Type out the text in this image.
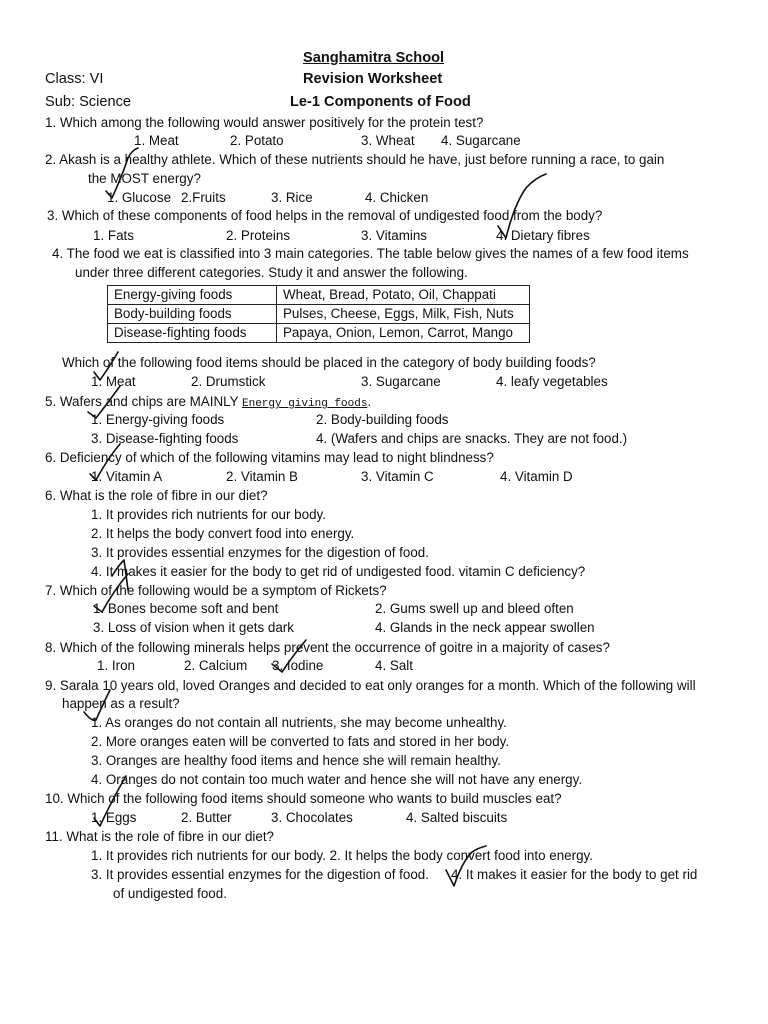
Sanghamitra School
Class: VI	Revision Worksheet
Sub: Science	Le-1 Components of Food
1. Which among the following would answer positively for the protein test?
1. Meat	2. Potato	3. Wheat 4. Sugarcane
2. Akash is a healthy athlete. Which of these nutrients should he have, just before running a race, to gain
the MOST energy?
1. Glucose 2.Fruits	3. Rice	4. Chicken
3. Which of these components of food helps in the removal of undigested food from the body?
1. Fats	2. Proteins	3. Vitamins	4. Dietary fibres
4. The food we eat is classified into 3 main categories. The table below gives the names of a few food items
under three different categories. Study it and answer the following.
Energy-giving foods	Wheat, Bread, Potato, Oil, Chappati
Body-building foods	Pulses, Cheese, Eggs, Milk, Fish, Nuts
Disease-fighting foods	Papaya, Onion, Lemon, Carrot, Mango
Which of the following food items should be placed in the category of body building foods?
1. Meat	2. Drumstick	3. Sugarcane	4. leafy vegetables
5. Wafers and chips are MAINLY Energy giving foods.
1. Energy-giving foods	2. Body-building foods
3. Disease-fighting foods	4. (Wafers and chips are snacks. They are not food.)
6. Deficiency of which of the following vitamins may lead to night blindness?
1. Vitamin A	2. Vitamin B	3. Vitamin C	4. Vitamin D
6. What is the role of fibre in our diet?
1. It provides rich nutrients for our body.
2. It helps the body convert food into energy.
3. It provides essential enzymes for the digestion of food.
4. It makes it easier for the body to get rid of undigested food. vitamin C deficiency?
7. Which of the following would be a symptom of Rickets?
1. Bones become soft and bent	2. Gums swell up and bleed often
3. Loss of vision when it gets dark	4. Glands in the neck appear swollen
8. Which of the following minerals helps prevent the occurrence of goitre in a majority of cases?
1. Iron	2. Calcium 3. Iodine	4. Salt
9. Sarala 10 years old, loved Oranges and decided to eat only oranges for a month. Which of the following will
happen as a result?
1. As oranges do not contain all nutrients, she may become unhealthy.
2. More oranges eaten will be converted to fats and stored in her body.
3. Oranges are healthy food items and hence she will remain healthy.
4. Oranges do not contain too much water and hence she will not have any energy.
10. Which of the following food items should someone who wants to build muscles eat?
1. Eggs	2. Butter	3. Chocolates	4. Salted biscuits
11. What is the role of fibre in our diet?
1. It provides rich nutrients for our body. 2. It helps the body convert food into energy.
3. It provides essential enzymes for the digestion of food. 4. It makes it easier for the body to get rid
of undigested food.
